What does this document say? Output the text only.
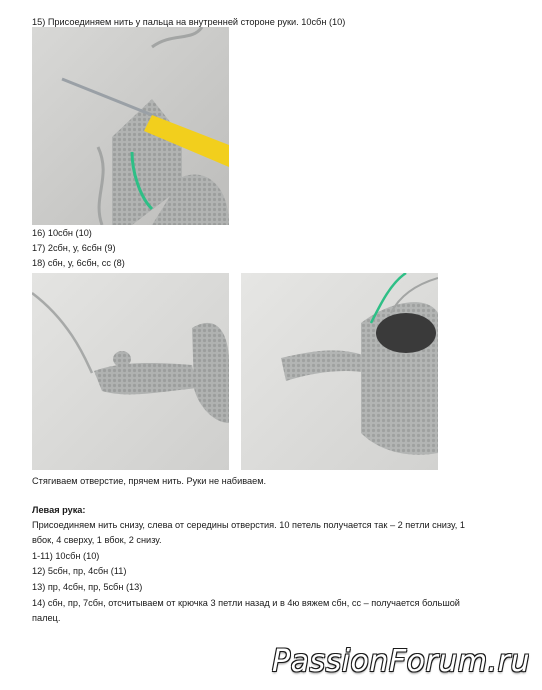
15) Присоединяем нить у пальца на внутренней стороне руки. 10сбн (10)
16) 10сбн (10)
17) 2сбн, у, 6сбн (9)
18) сбн, у, 6сбн, сс (8)
Стягиваем отверстие, прячем нить. Руки не набиваем.
Левая рука:
Присоединяем нить снизу, слева от середины отверстия. 10 петель получается так – 2 петли снизу, 1
вбок, 4 сверху, 1 вбок, 2 снизу.
1-11) 10сбн (10)
12) 5сбн, пр, 4сбн (11)
13) пр, 4сбн, пр, 5сбн (13)
14) сбн, пр, 7сбн, отсчитываем от крючка 3 петли назад и в 4ю вяжем сбн, сс – получается большой
палец.
PassionForum.ru
